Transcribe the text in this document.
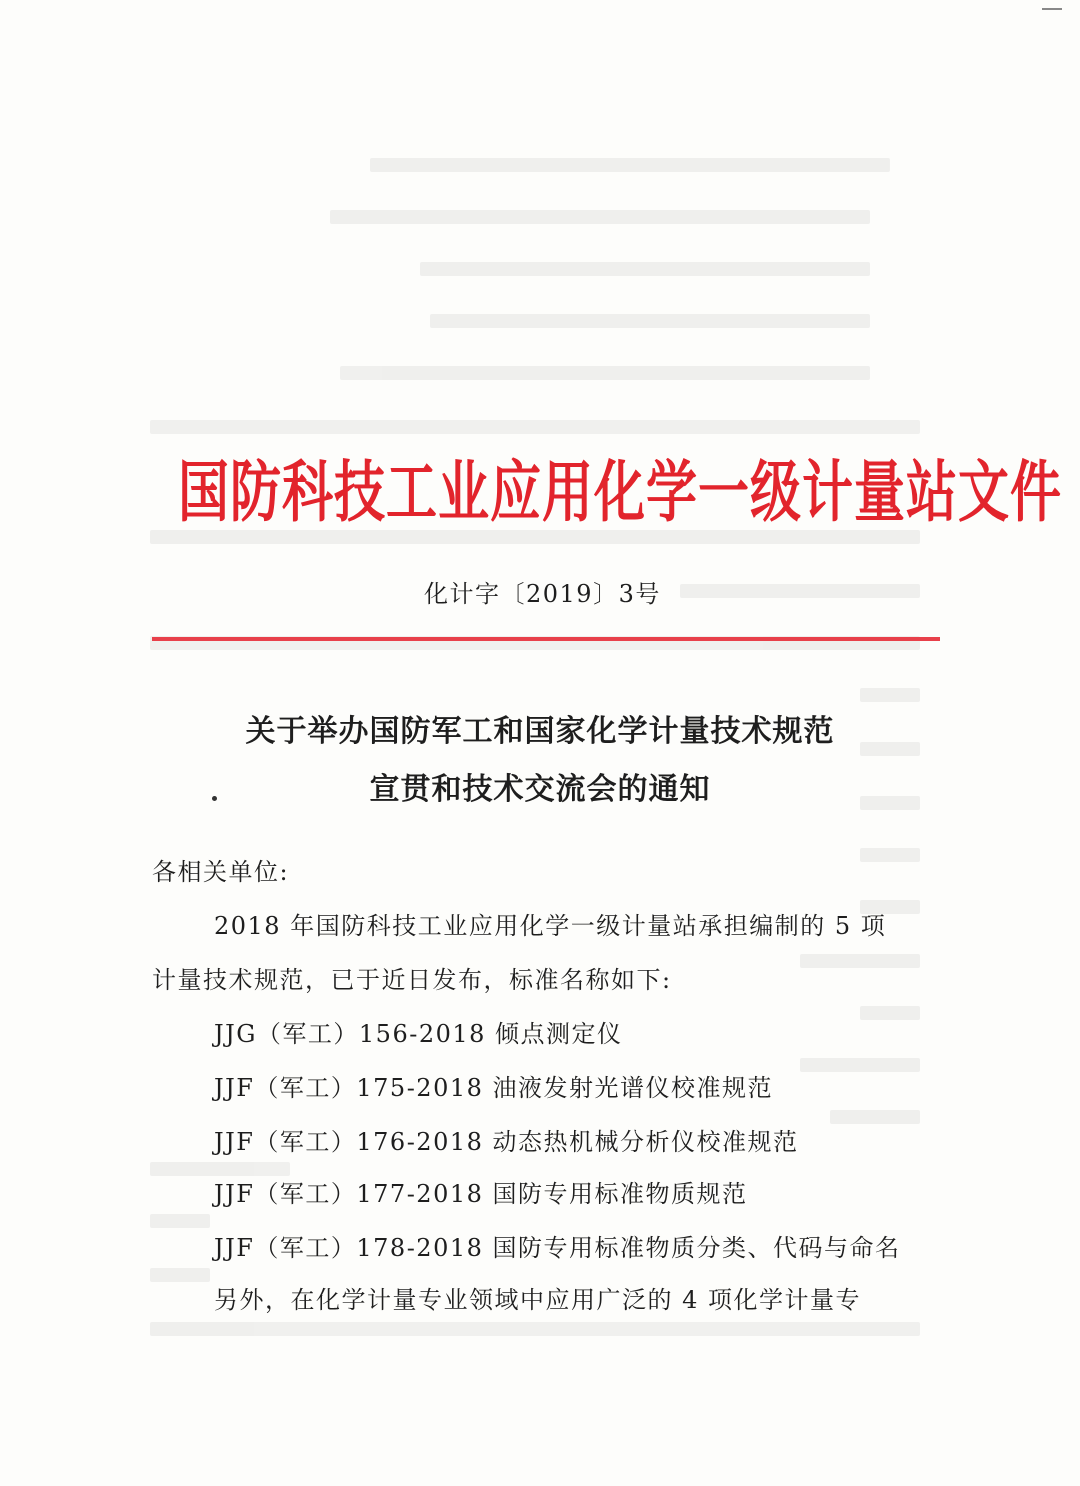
国防科技工业应用化学一级计量站文件
化计字〔2019〕3号
关于举办国防军工和国家化学计量技术规范
宣贯和技术交流会的通知
各相关单位:
2018 年国防科技工业应用化学一级计量站承担编制的 5 项
计量技术规范，已于近日发布，标准名称如下:
JJG（军工）156-2018 倾点测定仪
JJF（军工）175-2018 油液发射光谱仪校准规范
JJF（军工）176-2018 动态热机械分析仪校准规范
JJF（军工）177-2018 国防专用标准物质规范
JJF（军工）178-2018 国防专用标准物质分类、代码与命名
另外，在化学计量专业领域中应用广泛的 4 项化学计量专
